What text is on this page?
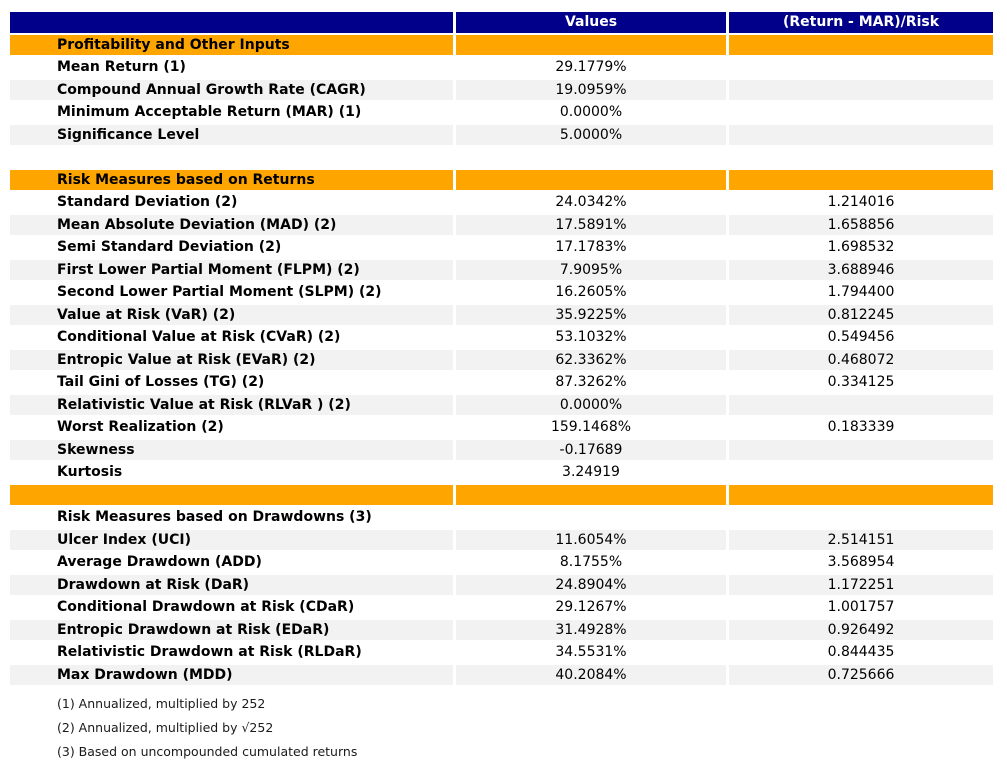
	Values	(Return - MAR)/Risk
Profitability and Other Inputs		
Mean Return (1)	29.1779%	
Compound Annual Growth Rate (CAGR)	19.0959%	
Minimum Acceptable Return (MAR) (1)	0.0000%	
Significance Level	5.0000%	

Risk Measures based on Returns		
Standard Deviation (2)	24.0342%	1.214016
Mean Absolute Deviation (MAD) (2)	17.5891%	1.658856
Semi Standard Deviation (2)	17.1783%	1.698532
First Lower Partial Moment (FLPM) (2)	7.9095%	3.688946
Second Lower Partial Moment (SLPM) (2)	16.2605%	1.794400
Value at Risk (VaR) (2)	35.9225%	0.812245
Conditional Value at Risk (CVaR) (2)	53.1032%	0.549456
Entropic Value at Risk (EVaR) (2)	62.3362%	0.468072
Tail Gini of Losses (TG) (2)	87.3262%	0.334125
Relativistic Value at Risk (RLVaR ) (2)	0.0000%	
Worst Realization (2)	159.1468%	0.183339
Skewness	-0.17689	
Kurtosis	3.24919	

Risk Measures based on Drawdowns (3)		
Ulcer Index (UCI)	11.6054%	2.514151
Average Drawdown (ADD)	8.1755%	3.568954
Drawdown at Risk (DaR)	24.8904%	1.172251
Conditional Drawdown at Risk (CDaR)	29.1267%	1.001757
Entropic Drawdown at Risk (EDaR)	31.4928%	0.926492
Relativistic Drawdown at Risk (RLDaR)	34.5531%	0.844435
Max Drawdown (MDD)	40.2084%	0.725666
(1) Annualized, multiplied by 252
(2) Annualized, multiplied by √252
(3) Based on uncompounded cumulated returns
